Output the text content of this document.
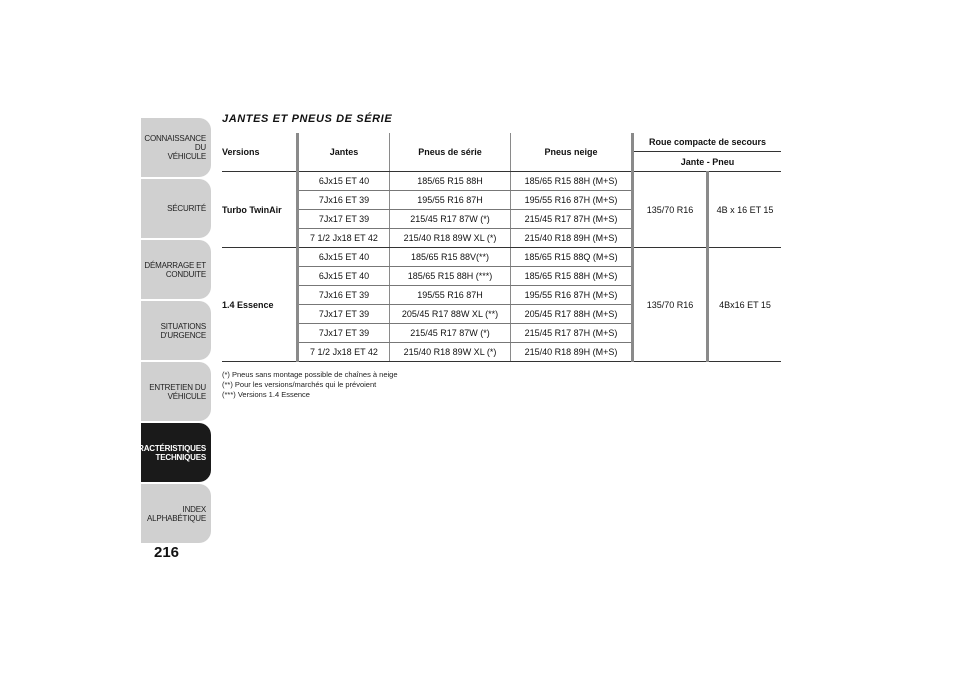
CONNAISSANCE DU
VÉHICULE
SÉCURITÉ
DÉMARRAGE ET
CONDUITE
SITUATIONS
D'URGENCE
ENTRETIEN DU
VÉHICULE
CARACTÉRISTIQUES
TECHNIQUES
INDEX
ALPHABÉTIQUE
216
JANTES ET PNEUS DE SÉRIE
Versions	Jantes	Pneus de série	Pneus neige	Roue compacte de secours	
				Jante - Pneu	
Turbo TwinAir	6Jx15 ET 40	185/65 R15 88H	185/65 R15 88H (M+S)	135/70 R16	4B x 16 ET 15
	7Jx16 ET 39	195/55 R16 87H	195/55 R16 87H (M+S)		
	7Jx17 ET 39	215/45 R17 87W (*)	215/45 R17 87H (M+S)		
	7 1/2 Jx18 ET 42	215/40 R18 89W XL (*)	215/40 R18 89H (M+S)		
1.4 Essence	6Jx15 ET 40	185/65 R15 88V(**)	185/65 R15 88Q (M+S)	135/70 R16	4Bx16 ET 15
	6Jx15 ET 40	185/65 R15 88H (***)	185/65 R15 88H (M+S)		
	7Jx16 ET 39	195/55 R16 87H	195/55 R16 87H (M+S)		
	7Jx17 ET 39	205/45 R17 88W XL (**)	205/45 R17 88H (M+S)		
	7Jx17 ET 39	215/45 R17 87W (*)	215/45 R17 87H (M+S)		
	7 1/2 Jx18 ET 42	215/40 R18 89W XL (*)	215/40 R18 89H (M+S)		
(*) Pneus sans montage possible de chaînes à neige
(**) Pour les versions/marchés qui le prévoient
(***) Versions 1.4 Essence
